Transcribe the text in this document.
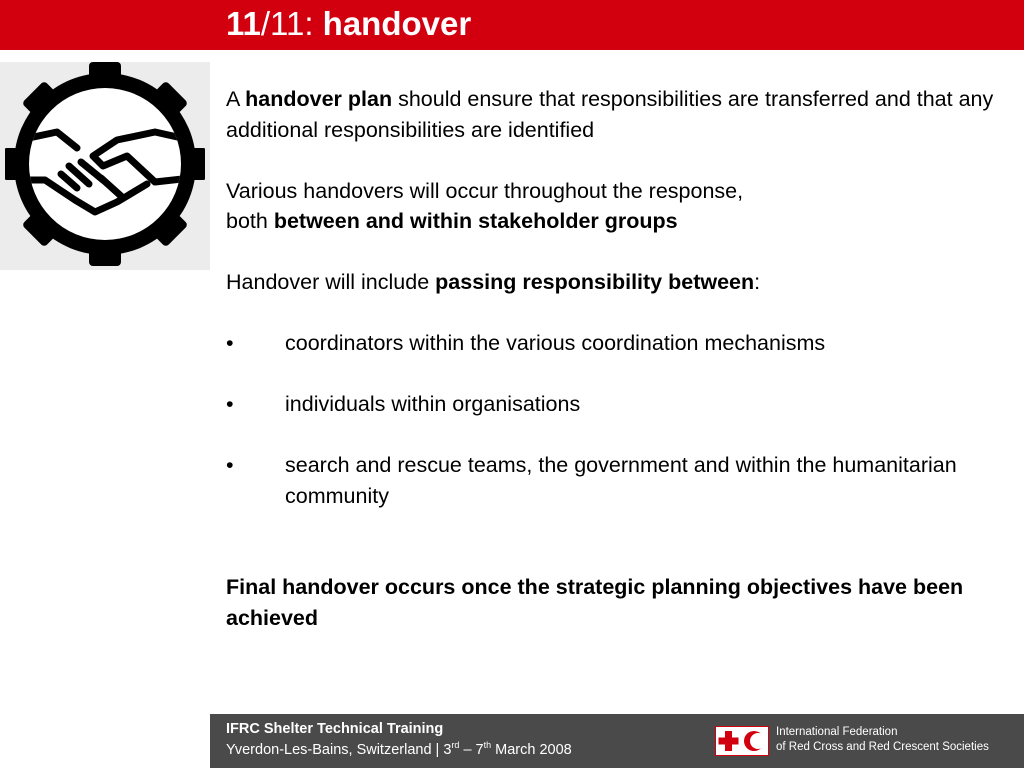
11/11: handover

A handover plan should ensure that responsibilities are transferred and that any additional responsibilities are identified

Various handovers will occur throughout the response,
both between and within stakeholder groups

Handover will include passing responsibility between:

• coordinators within the various coordination mechanisms

• individuals within organisations

• search and rescue teams, the government and within the humanitarian community

Final handover occurs once the strategic planning objectives have been achieved

IFRC Shelter Technical Training
Yverdon-Les-Bains, Switzerland | 3rd – 7th March 2008
International Federation
of Red Cross and Red Crescent Societies
